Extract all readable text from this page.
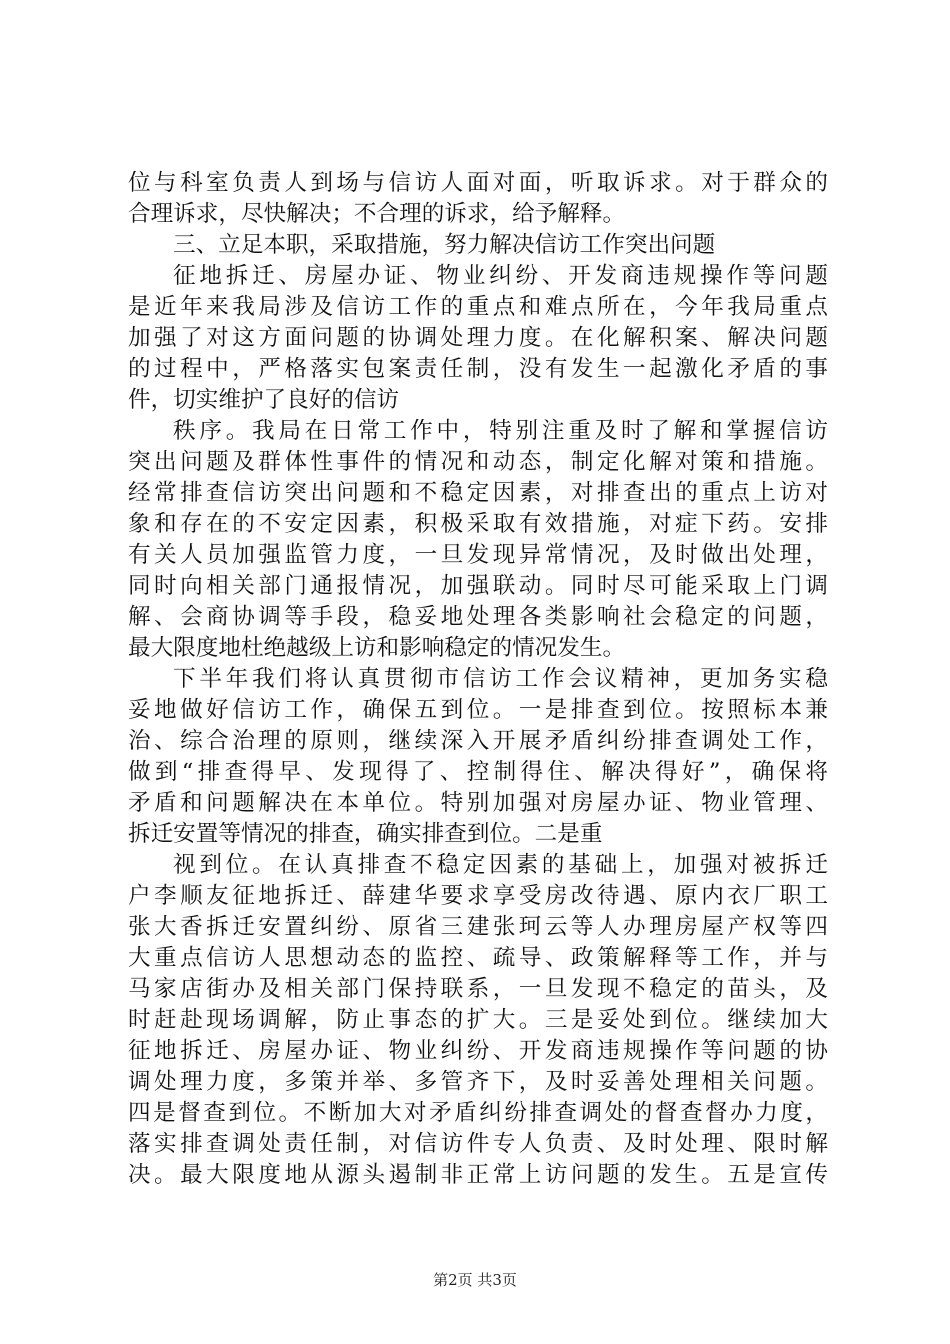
位与科室负责人到场与信访人面对面，听取诉求。对于群众的
合理诉求，尽快解决；不合理的诉求，给予解释。
三、立足本职，采取措施，努力解决信访工作突出问题
征地拆迁、房屋办证、物业纠纷、开发商违规操作等问题
是近年来我局涉及信访工作的重点和难点所在，今年我局重点
加强了对这方面问题的协调处理力度。在化解积案、解决问题
的过程中，严格落实包案责任制，没有发生一起激化矛盾的事
件，切实维护了良好的信访
秩序。我局在日常工作中，特别注重及时了解和掌握信访
突出问题及群体性事件的情况和动态，制定化解对策和措施。
经常排查信访突出问题和不稳定因素，对排查出的重点上访对
象和存在的不安定因素，积极采取有效措施，对症下药。安排
有关人员加强监管力度，一旦发现异常情况，及时做出处理，
同时向相关部门通报情况，加强联动。同时尽可能采取上门调
解、会商协调等手段，稳妥地处理各类影响社会稳定的问题，
最大限度地杜绝越级上访和影响稳定的情况发生。
下半年我们将认真贯彻市信访工作会议精神，更加务实稳
妥地做好信访工作，确保五到位。一是排查到位。按照标本兼
治、综合治理的原则，继续深入开展矛盾纠纷排查调处工作，
做到“排查得早、发现得了、控制得住、解决得好”，确保将
矛盾和问题解决在本单位。特别加强对房屋办证、物业管理、
拆迁安置等情况的排查，确实排查到位。二是重
视到位。在认真排查不稳定因素的基础上，加强对被拆迁
户李顺友征地拆迁、薛建华要求享受房改待遇、原内衣厂职工
张大香拆迁安置纠纷、原省三建张珂云等人办理房屋产权等四
大重点信访人思想动态的监控、疏导、政策解释等工作，并与
马家店街办及相关部门保持联系，一旦发现不稳定的苗头，及
时赶赴现场调解，防止事态的扩大。三是妥处到位。继续加大
征地拆迁、房屋办证、物业纠纷、开发商违规操作等问题的协
调处理力度，多策并举、多管齐下，及时妥善处理相关问题。
四是督查到位。不断加大对矛盾纠纷排查调处的督查督办力度，
落实排查调处责任制，对信访件专人负责、及时处理、限时解
决。最大限度地从源头遏制非正常上访问题的发生。五是宣传
第2页 共3页
